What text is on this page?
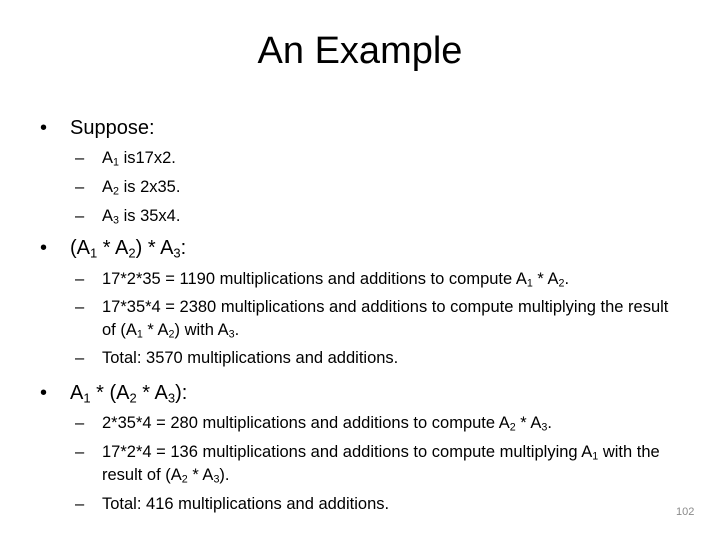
An Example
• Suppose:
–	$A_1$ is17x2.
–	$A_2$ is 2x35.
–	$A_3$ is 35x4.
• $(A_1 * A_2) * A_3$:
–	17*2*35 = 1190 multiplications and additions to compute $A_1 * A_2$.
–	17*35*4 = 2380 multiplications and additions to compute multiplying the result of $(A_1 * A_2)$ with $A_3$.
–	Total: 3570 multiplications and additions.
• $A_1 * (A_2 * A_3)$:
–	2*35*4 = 280 multiplications and additions to compute $A_2 * A_3$.
–	17*2*4 = 136 multiplications and additions to compute multiplying $A_1$ with the result of $(A_2 * A_3)$.
–	Total: 416 multiplications and additions.	102
